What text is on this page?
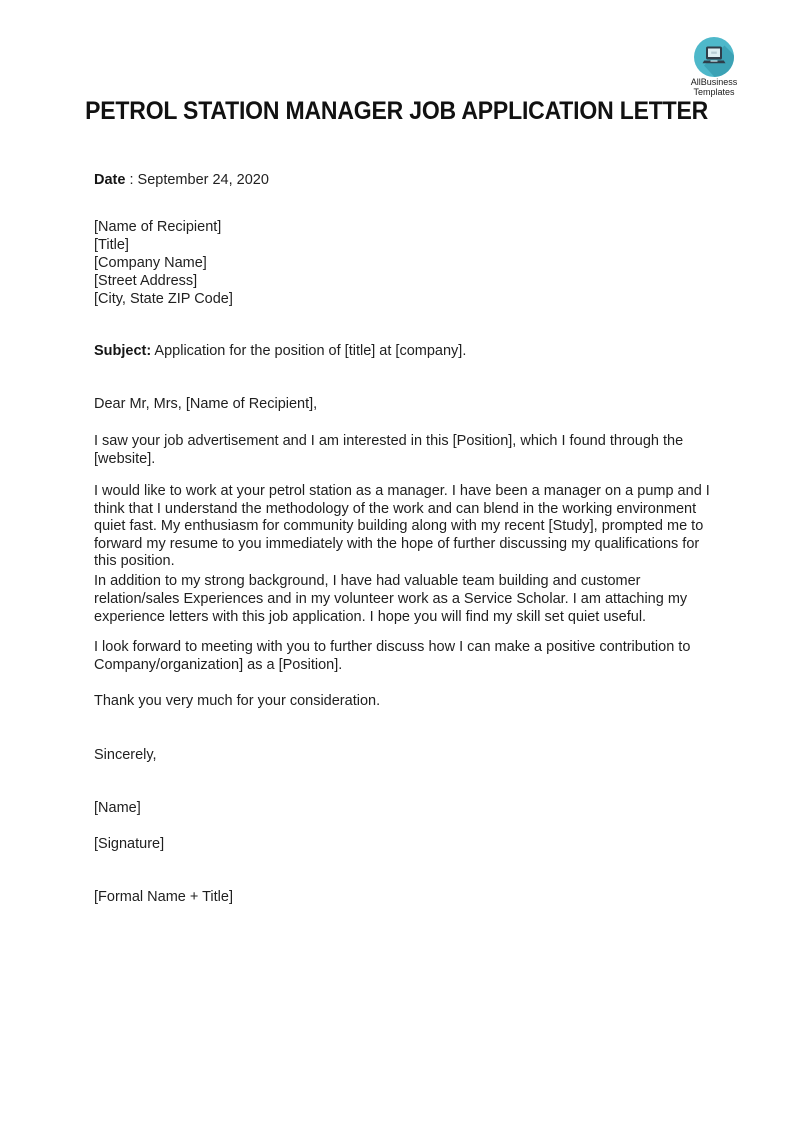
AllBusiness
Templates
PETROL STATION MANAGER JOB APPLICATION LETTER
Date : September 24, 2020
[Name of Recipient]
[Title]
[Company Name]
[Street Address]
[City, State ZIP Code]
Subject: Application for the position of [title] at [company].
Dear Mr, Mrs, [Name of Recipient],
I saw your job advertisement and I am interested in this [Position], which I found through the [website].
I would like to work at your petrol station as a manager. I have been a manager on a pump and I think that I understand the methodology of the work and can blend in the working environment quiet fast. My enthusiasm for community building along with my recent [Study], prompted me to forward my resume to you immediately with the hope of further discussing my qualifications for this position.
In addition to my strong background, I have had valuable team building and customer relation/sales Experiences and in my volunteer work as a Service Scholar. I am attaching my experience letters with this job application. I hope you will find my skill set quiet useful.
I look forward to meeting with you to further discuss how I can make a positive contribution to Company/organization] as a [Position].
Thank you very much for your consideration.
Sincerely,
[Name]
[Signature]
[Formal Name + Title]
